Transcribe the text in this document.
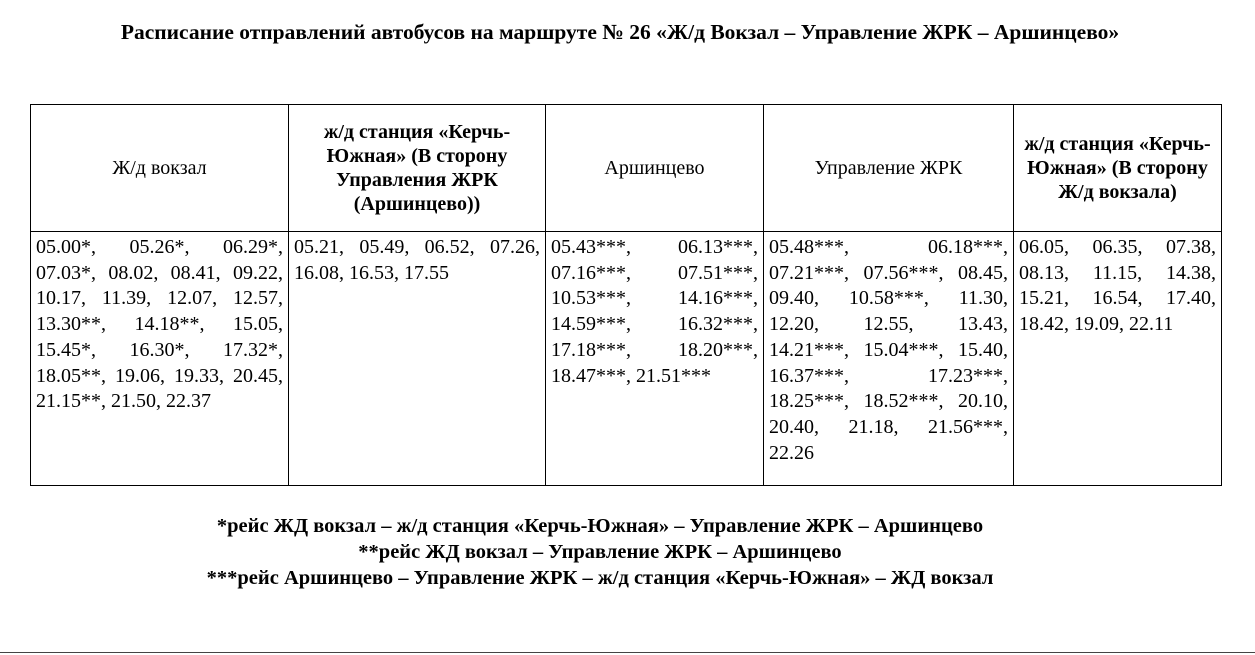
Расписание отправлений автобусов на маршруте № 26 «Ж/д Вокзал – Управление ЖРК – Аршинцево»
Ж/д вокзал	ж/д станция «Керчь-Южная» (В сторону Управления ЖРК (Аршинцево))	Аршинцево	Управление ЖРК	ж/д станция «Керчь-Южная» (В сторону Ж/д вокзала)
05.00*, 05.26*, 06.29*, 07.03*, 08.02, 08.41, 09.22, 10.17, 11.39, 12.07, 12.57, 13.30**, 14.18**, 15.05, 15.45*, 16.30*, 17.32*, 18.05**, 19.06, 19.33, 20.45, 21.15**, 21.50, 22.37	05.21, 05.49, 06.52, 07.26, 16.08, 16.53, 17.55	05.43***, 06.13***, 07.16***, 07.51***, 10.53***, 14.16***, 14.59***, 16.32***, 17.18***, 18.20***, 18.47***, 21.51***	05.48***, 06.18***, 07.21***, 07.56***, 08.45, 09.40, 10.58***, 11.30, 12.20, 12.55, 13.43, 14.21***, 15.04***, 15.40, 16.37***, 17.23***, 18.25***, 18.52***, 20.10, 20.40, 21.18, 21.56***, 22.26	06.05, 06.35, 07.38, 08.13, 11.15, 14.38, 15.21, 16.54, 17.40, 18.42, 19.09, 22.11
*рейс ЖД вокзал – ж/д станция «Керчь-Южная» – Управление ЖРК – Аршинцево
**рейс ЖД вокзал – Управление ЖРК – Аршинцево
***рейс Аршинцево – Управление ЖРК – ж/д станция «Керчь-Южная» – ЖД вокзал
